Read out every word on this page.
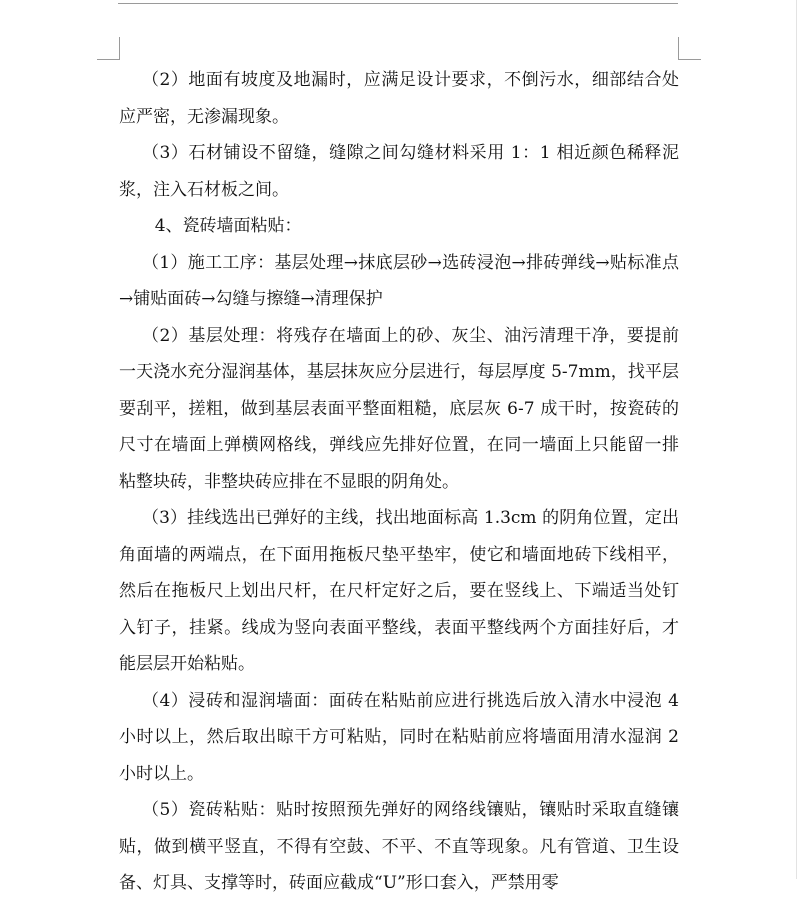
（2）地面有坡度及地漏时，应满足设计要求，不倒污水，细部结合处应严密，无渗漏现象。

（3）石材铺设不留缝，缝隙之间勾缝材料采用 1：1 相近颜色稀释泥浆，注入石材板之间。

4、瓷砖墙面粘贴：

（1）施工工序：基层处理→抹底层砂→选砖浸泡→排砖弹线→贴标准点→铺贴面砖→勾缝与擦缝→清理保护

（2）基层处理：将残存在墙面上的砂、灰尘、油污清理干净，要提前一天浇水充分湿润基体，基层抹灰应分层进行，每层厚度 5-7mm，找平层要刮平，搓粗，做到基层表面平整面粗糙，底层灰 6-7 成干时，按瓷砖的尺寸在墙面上弹横网格线，弹线应先排好位置，在同一墙面上只能留一排粘整块砖，非整块砖应排在不显眼的阴角处。

（3）挂线选出已弹好的主线，找出地面标高 1.3cm 的阴角位置，定出角面墙的两端点，在下面用拖板尺垫平垫牢，使它和墙面地砖下线相平，然后在拖板尺上划出尺杆，在尺杆定好之后，要在竖线上、下端适当处钉入钉子，挂紧。线成为竖向表面平整线，表面平整线两个方面挂好后，才能层层开始粘贴。

（4）浸砖和湿润墙面：面砖在粘贴前应进行挑选后放入清水中浸泡 4 小时以上，然后取出晾干方可粘贴，同时在粘贴前应将墙面用清水湿润 2 小时以上。

（5）瓷砖粘贴：贴时按照预先弹好的网络线镶贴，镶贴时采取直缝镶贴，做到横平竖直，不得有空鼓、不平、不直等现象。凡有管道、卫生设备、灯具、支撑等时，砖面应截成“U”形口套入，严禁用零
